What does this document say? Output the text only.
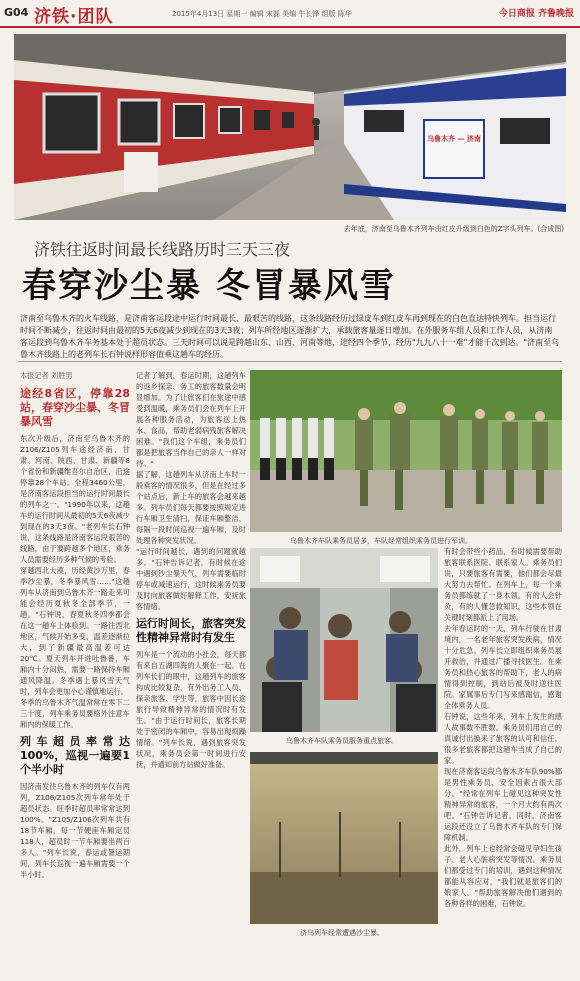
G04 济铁·团队	2015年4月13日 星期一 编辑 宋磊 美编 牛长锋 组版 陈华	今日商报 齐鲁晚报
乌鲁木齐 — 济南
去年底，济南至乌鲁木齐列车由红皮升级到白色的Z字头列车。(合成图)
济铁往返时间最长线路历时三天三夜
春穿沙尘暴 冬冒暴风雪
济南至乌鲁木齐的火车线路，是济南客运段途中运行时间最长、最艰苦的线路，这条线路经历过绿皮车到红皮车再到现在的白色直达特快列车。担当运行时间不断减少，往返时间由最初的5天6夜减少到现在的3天3夜；列车所经地区逐渐扩大，承载旅客量逐日增加。在外服务车组人员和工作人员，从济南客运段到乌鲁木齐车务基本处于超员状态。三天时间可以说是跨越山东、山西、河南等地，途经四个季节，经历"九九八十一难"才能千次到达。"济南至乌鲁木齐线路上的老列车长石钟说样形容值乘这趟车的经历。
本报记者 刘胜男
途经8省区，停靠28站，春穿沙尘暴、冬冒暴风雪
东次升级后，济南至乌鲁木齐的Z106/Z105列车途经济南、甘肃、河南、陕西、甘肃、新疆等8个省份和新疆维吾尔自治区，沿途停靠28个车站。全程3460公里，是济南客运段担当的运行时间最长的列车之一。"1990年以来，这趟车的运行时间从最初的5天6夜减少到现在的3天3夜。"老列车长石钟说，这条线路是济南客运段艰苦的线路，由于要跨越多个地区，乘务人员需要经历多种气候的考验。
穿越西北大漠，历经黄沙万里，春季沙尘暴，冬季暴风雪……"这趟列车从济南到乌鲁木齐一路走来可能会经历夏秋冬全部季节，一趟。"石钟说，春夏秋冬四季都会在这一趟车上体验到。一路往西北地区，气候开始多变，温差逐渐拉大，到了新疆最高温差可达20℃。夏天列车开进吐鲁番，车厢内十分闷热，需要一路保持车厢通风降温。冬季遇上暴风雪天气时，列车会更加小心谨慎地运行。
冬季的乌鲁木齐气温常常在零下二三十度，列车乘务员要格外注意车厢内的保暖工作。
列车超员率常达100%，巡视一遍要1个半小时
因济南发往乌鲁木齐的列车仅有两列，Z106/Z105次列车常年处于超员状态。旺季时超员率常常达到100%。"Z105/Z106次列车共有18节车厢，每一节硬座车厢定员118人，超员时一节车厢要坐两百多人。"列车长说，春运或暑运期间，列车长巡视一遍车厢需要一个半小时。
记者了解到，春运时期，这趟列车的返乡探亲、务工的旅客数量会明显增加。为了让旅客们在旅途中感受到温暖，乘务员们会在列车上开展各种服务活动，为旅客送上热水、食品，帮助老弱病残旅客解决困难。"我们这个车组，乘务员们都是把旅客当作自己的亲人一样对待。"
据了解，这趟列车从济南上车时一般乘客的情况很多，但是在经过多个站点后，新上车的旅客会越来越多。列车员们每天都要按照规定进行车厢卫生清扫，保证车厢整洁，每隔一段时间巡视一遍车厢，及时处理各种突发状况。
"运行时间越长，遇到的问题就越多。"石钟告诉记者，有时候在途中遇到沙尘暴天气，列车需要临时停车或减速运行，这时候乘务员要及时向旅客做好解释工作，安抚旅客情绪。
运行时间长，旅客突发性精神异常时有发生
列车是一个流动的小社会，每天都有来自五湖四海的人聚在一起。在列车长们的眼中，这趟列车的旅客构成比较复杂，有外出务工人员、探亲旅客、学生等，旅客中因长途旅行导致精神异常的情况时有发生。"由于运行时间长，旅客长期处于密闭的车厢中，容易出现烦躁情绪。"列车长说，遇到旅客突发状况，乘务员会第一时间进行安抚，并通知前方站做好准备。
乌鲁木齐车队乘务员居多，车队经常组织乘务员进行军训。
乌鲁木齐车队乘务员服务重点旅客。
济乌列车经常遭遇沙尘暴。
有时会带些小药品，有时候需要帮助旅客联系医院、联系家人。乘务员们说，只要旅客有需要，他们都会尽最大努力去帮忙。在列车上，每一个乘务员都练就了一身本领，有的人会针灸，有的人懂急救知识，这些本领在关键时刻都派上了用场。
去年春运时的一天，列车行驶在甘肃境内，一名老年旅客突发疾病，情况十分危急。列车长立即组织乘务员展开救治，并通过广播寻找医生。在乘务员和热心旅客的帮助下，老人的病情得到控制，到站后被及时送往医院。家属事后专门写来感谢信，感谢全体乘务人员。
石钟说，这些年来，列车上发生的感人故事数不胜数，乘务员们用自己的真诚付出换来了旅客的认可和信任，很多老旅客都把这趟车当成了自己的家。
现在济南客运段乌鲁木齐车队90%都是男性乘务员，安全因素占很大部分。"经常在列车上碰见这种突发性精神异常的旅客，一个月大约有两次吧。"石钟告诉记者，同时，济南客运段还设立了乌鲁木齐车队的专门保障机制。
此外，列车上也经常会碰见孕妇生孩子、老人心脏病突发等情况。乘务员们都受过专门的培训，遇到这种情况都能从容应对，"我们就是旅客们的娘家人。"帮助旅客解决他们遇到的各种各样的困难，石钟说。
